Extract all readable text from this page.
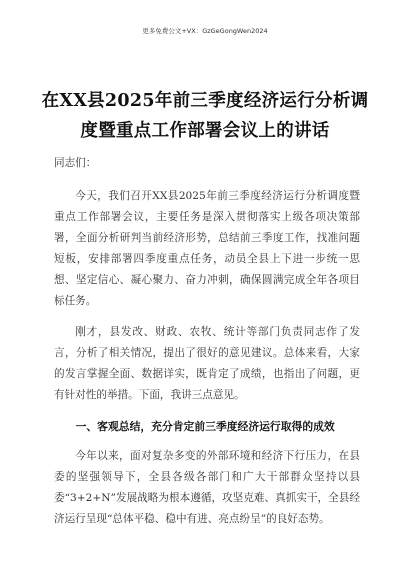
更多免费公文+VX：GzGeGongWen2024
在XX县2025年前三季度经济运行分析调度暨重点工作部署会议上的讲话
同志们：

今天，我们召开XX县2025年前三季度经济运行分析调度暨重点工作部署会议，主要任务是深入贯彻落实上级各项决策部署，全面分析研判当前经济形势，总结前三季度工作，找准问题短板，安排部署四季度重点任务，动员全县上下进一步统一思想、坚定信心、凝心聚力、奋力冲刺，确保圆满完成全年各项目标任务。

刚才，县发改、财政、农牧、统计等部门负责同志作了发言，分析了相关情况，提出了很好的意见建议。总体来看，大家的发言掌握全面、数据详实，既肯定了成绩，也指出了问题，更有针对性的举措。下面，我讲三点意见。

一、客观总结，充分肯定前三季度经济运行取得的成效

今年以来，面对复杂多变的外部环境和经济下行压力，在县委的坚强领导下，全县各级各部门和广大干部群众坚持以县委“3+2+N”发展战略为根本遵循，攻坚克难、真抓实干，全县经济运行呈现“总体平稳、稳中有进、亮点纷呈”的良好态势。
